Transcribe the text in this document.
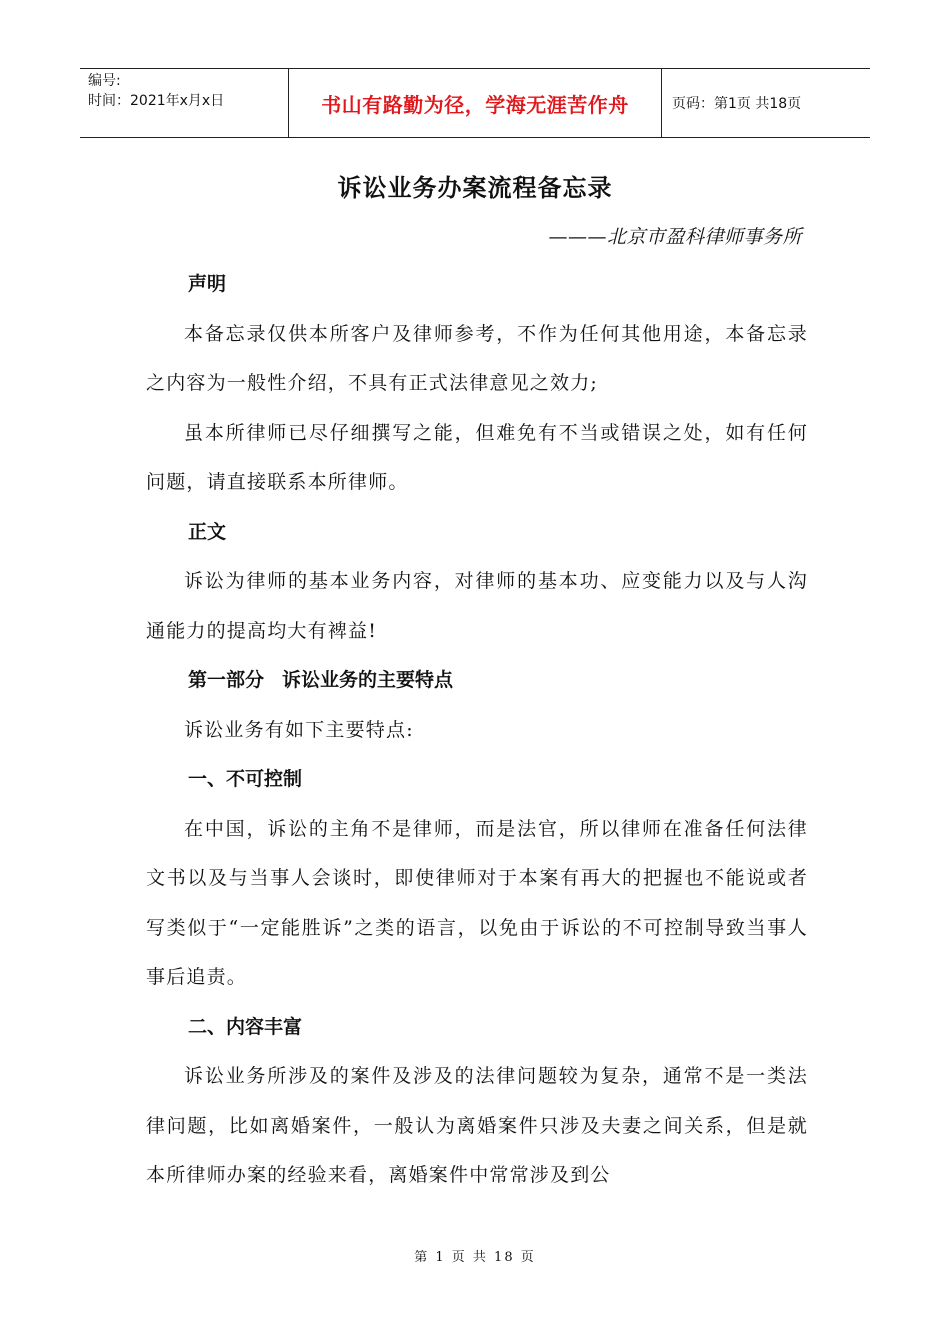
编号:
时间：2021年x月x日	书山有路勤为径，学海无涯苦作舟	页码：第1页 共18页
诉讼业务办案流程备忘录
———北京市盈科律师事务所

声明

本备忘录仅供本所客户及律师参考，不作为任何其他用途，本备忘录之内容为一般性介绍，不具有正式法律意见之效力;

虽本所律师已尽仔细撰写之能，但难免有不当或错误之处，如有任何问题，请直接联系本所律师。

正文

诉讼为律师的基本业务内容，对律师的基本功、应变能力以及与人沟通能力的提高均大有裨益!

第一部分 诉讼业务的主要特点

诉讼业务有如下主要特点:

一、不可控制

在中国，诉讼的主角不是律师，而是法官，所以律师在准备任何法律文书以及与当事人会谈时，即使律师对于本案有再大的把握也不能说或者写类似于“一定能胜诉”之类的语言，以免由于诉讼的不可控制导致当事人事后追责。

二、内容丰富

诉讼业务所涉及的案件及涉及的法律问题较为复杂，通常不是一类法律问题，比如离婚案件，一般认为离婚案件只涉及夫妻之间关系，但是就本所律师办案的经验来看，离婚案件中常常涉及到公

第 1 页 共 18 页
